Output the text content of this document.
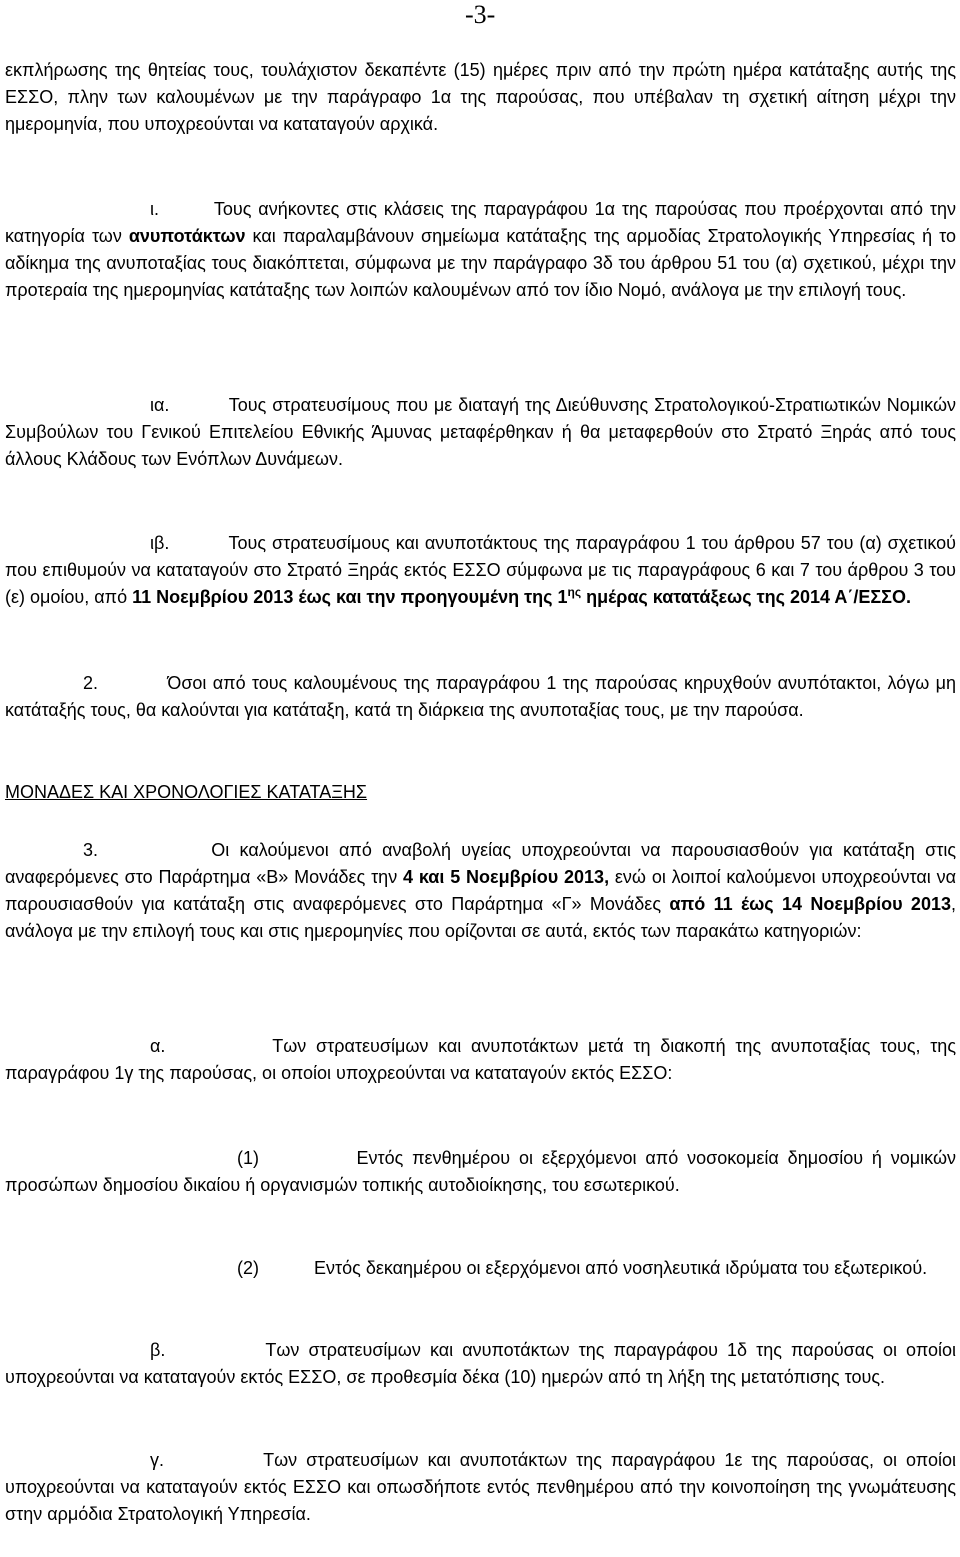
-3-

εκπλήρωσης της θητείας τους, τουλάχιστον δεκαπέντε (15) ημέρες πριν από την πρώτη ημέρα κατάταξης αυτής της ΕΣΣΟ, πλην των καλουμένων με την παράγραφο 1α της παρούσας, που υπέβαλαν τη σχετική αίτηση μέχρι την ημερομηνία, που υποχρεούνται να καταταγούν αρχικά.

ι.	Τους ανήκοντες στις κλάσεις της παραγράφου 1α της παρούσας που προέρχονται από την κατηγορία των ανυποτάκτων και παραλαμβάνουν σημείωμα κατάταξης της αρμοδίας Στρατολογικής Υπηρεσίας ή το αδίκημα της ανυποταξίας τους διακόπτεται, σύμφωνα με την παράγραφο 3δ του άρθρου 51 του (α) σχετικού, μέχρι την προτεραία της ημερομηνίας κατάταξης των λοιπών καλουμένων από τον ίδιο Νομό, ανάλογα με την επιλογή τους.

ια.	Τους στρατευσίμους που με διαταγή της Διεύθυνσης Στρατολογικού-Στρατιωτικών Νομικών Συμβούλων του Γενικού Επιτελείου Εθνικής Άμυνας μεταφέρθηκαν ή θα μεταφερθούν στο Στρατό Ξηράς από τους άλλους Κλάδους των Ενόπλων Δυνάμεων.

ιβ.	Τους στρατευσίμους και ανυποτάκτους της παραγράφου 1 του άρθρου 57 του (α) σχετικού που επιθυμούν να καταταγούν στο Στρατό Ξηράς εκτός ΕΣΣΟ σύμφωνα με τις παραγράφους 6 και 7 του άρθρου 3 του (ε) ομοίου, από 11 Νοεμβρίου 2013 έως και την προηγουμένη της $1^{\eta\varsigma}$ ημέρας κατατάξεως της 2014 Α΄/ΕΣΣΟ.

2.	Όσοι από τους καλουμένους της παραγράφου 1 της παρούσας κηρυχθούν ανυπότακτοι, λόγω μη κατάταξής τους, θα καλούνται για κατάταξη, κατά τη διάρκεια της ανυποταξίας τους, με την παρούσα.

ΜΟΝΑΔΕΣ ΚΑΙ ΧΡΟΝΟΛΟΓΙΕΣ ΚΑΤΑΤΑΞΗΣ

3.	Οι καλούμενοι από αναβολή υγείας υποχρεούνται να παρουσιασθούν για κατάταξη στις αναφερόμενες στο Παράρτημα «Β» Μονάδες την 4 και 5 Νοεμβρίου 2013, ενώ οι λοιποί καλούμενοι υποχρεούνται να παρουσιασθούν για κατάταξη στις αναφερόμενες στο Παράρτημα «Γ» Μονάδες από 11 έως 14 Νοεμβρίου 2013, ανάλογα με την επιλογή τους και στις ημερομηνίες που ορίζονται σε αυτά, εκτός των παρακάτω κατηγοριών:

α.	Των στρατευσίμων και ανυποτάκτων μετά τη διακοπή της ανυποταξίας τους, της παραγράφου 1γ της παρούσας, οι οποίοι υποχρεούνται να καταταγούν εκτός ΕΣΣΟ:

(1)	Εντός πενθημέρου οι εξερχόμενοι από νοσοκομεία δημοσίου ή νομικών προσώπων δημοσίου δικαίου ή οργανισμών τοπικής αυτοδιοίκησης, του εσωτερικού.

(2)	Εντός δεκαημέρου οι εξερχόμενοι από νοσηλευτικά ιδρύματα του εξωτερικού.

β.	Των στρατευσίμων και ανυποτάκτων της παραγράφου 1δ της παρούσας οι οποίοι υποχρεούνται να καταταγούν εκτός ΕΣΣΟ, σε προθεσμία δέκα (10) ημερών από τη λήξη της μετατόπισης τους.

γ.	Των στρατευσίμων και ανυποτάκτων της παραγράφου 1ε της παρούσας, οι οποίοι υποχρεούνται να καταταγούν εκτός ΕΣΣΟ και οπωσδήποτε εντός πενθημέρου από την κοινοποίηση της γνωμάτευσης στην αρμόδια Στρατολογική Υπηρεσία.
